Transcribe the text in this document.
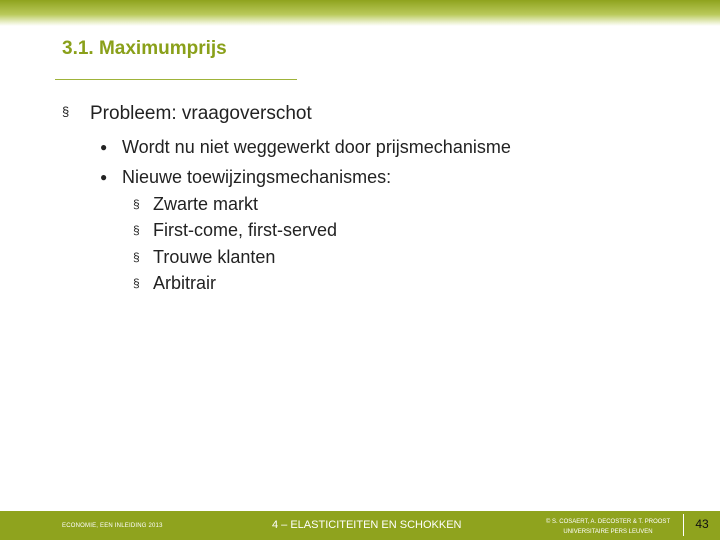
3.1. Maximumprijs
§ Probleem: vraagoverschot
● Wordt nu niet weggewerkt door prijsmechanisme
● Nieuwe toewijzingsmechanismes:
§ Zwarte markt
§ First-come, first-served
§ Trouwe klanten
§ Arbitrair
ECONOMIE, EEN INLEIDING 2013	4 – ELASTICITEITEN EN SCHOKKEN	© S. COSAERT, A. DECOSTER & T. PROOST
UNIVERSITAIRE PERS LEUVEN
43
